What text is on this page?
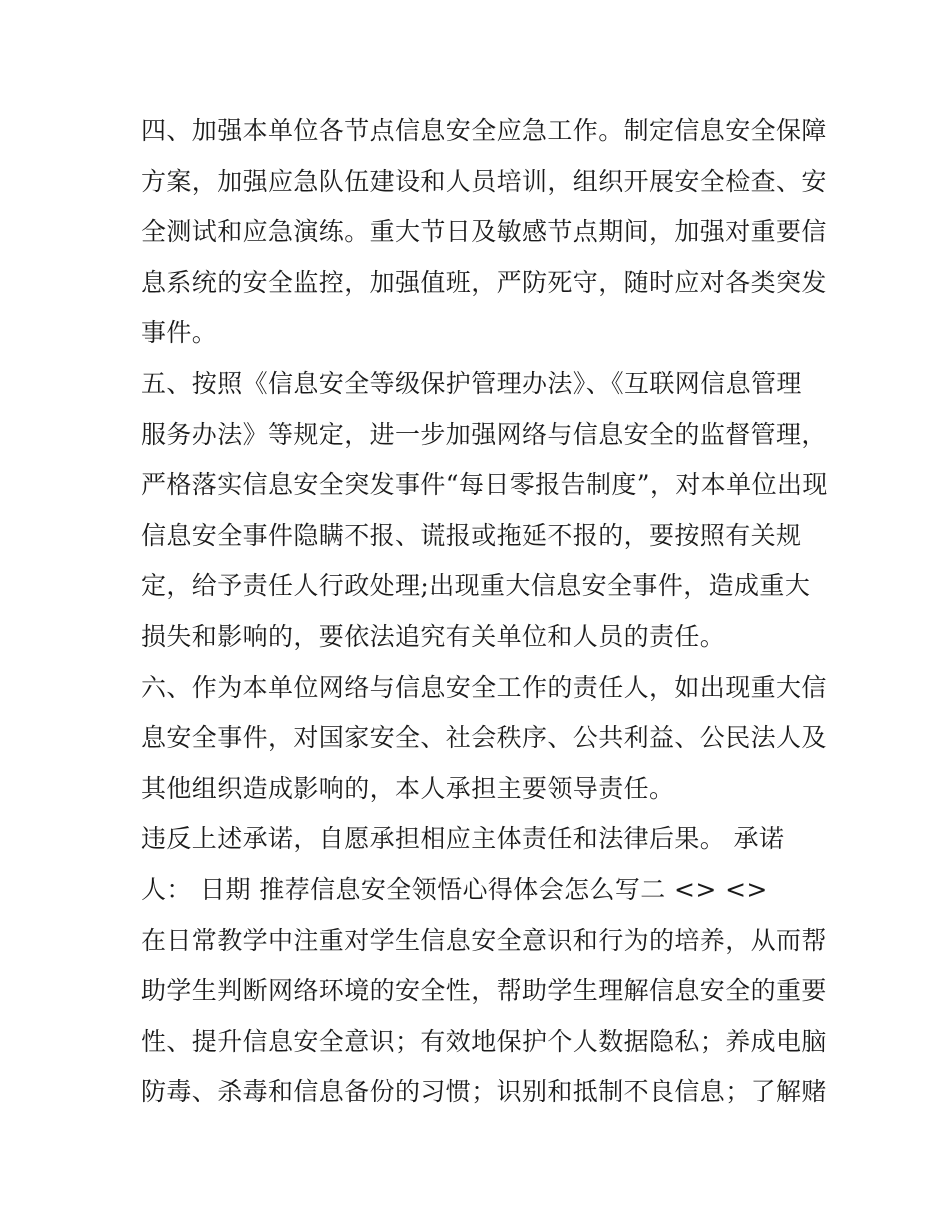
四、加强本单位各节点信息安全应急工作。制定信息安全保障
方案，加强应急队伍建设和人员培训，组织开展安全检查、安
全测试和应急演练。重大节日及敏感节点期间，加强对重要信
息系统的安全监控，加强值班，严防死守，随时应对各类突发
事件。
五、按照《信息安全等级保护管理办法》、《互联网信息管理
服务办法》等规定，进一步加强网络与信息安全的监督管理，
严格落实信息安全突发事件“每日零报告制度”，对本单位出现
信息安全事件隐瞒不报、谎报或拖延不报的，要按照有关规
定，给予责任人行政处理;出现重大信息安全事件，造成重大
损失和影响的，要依法追究有关单位和人员的责任。
六、作为本单位网络与信息安全工作的责任人，如出现重大信
息安全事件，对国家安全、社会秩序、公共利益、公民法人及
其他组织造成影响的，本人承担主要领导责任。
违反上述承诺，自愿承担相应主体责任和法律后果。 承诺
人： 日期 推荐信息安全领悟心得体会怎么写二 <> <>
在日常教学中注重对学生信息安全意识和行为的培养，从而帮
助学生判断网络环境的安全性，帮助学生理解信息安全的重要
性、提升信息安全意识；有效地保护个人数据隐私；养成电脑
防毒、杀毒和信息备份的习惯；识别和抵制不良信息；了解赌
